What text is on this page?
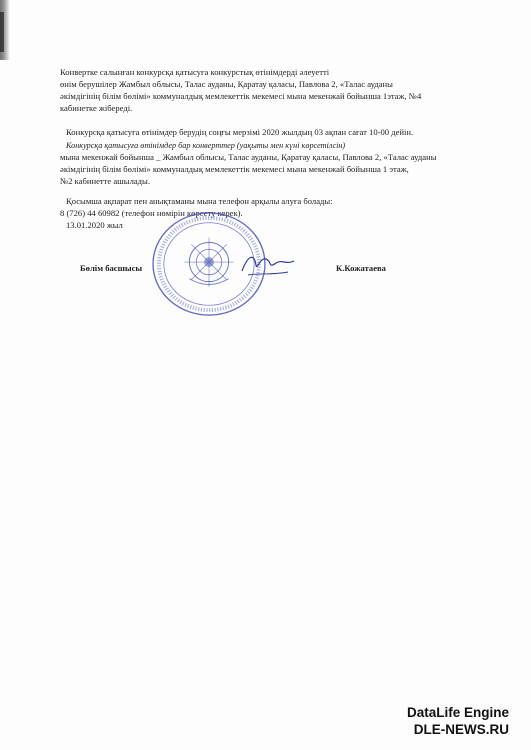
Конвертке салынған конкурсқа қатысуға конкурстық өтінімдерді әлеуетті
өнім берушілер Жамбыл облысы, Талас ауданы, Қаратау қаласы, Павлова 2, «Талас ауданы
әкімдігінің білім бөлімі» коммуналдық мемлекеттік мекемесі мына мекенжай бойынша 1этаж, №4
кабинетке жібереді.
Конкурсқа қатысуға өтінімдер берудің соңғы мерзімі 2020 жылдың 03 ақпан сағат 10-00 дейін.
Конкурсқа қатысуға өтінімдер бар конверттер (уақыты мен күні көрсетілсін)
мына мекенжай бойынша _ Жамбыл облысы, Талас ауданы, Қаратау қаласы, Павлова 2, «Талас ауданы
әкімдігінің білім бөлімі» коммуналдық мемлекеттік мекемесі мына мекенжай бойынша 1 этаж,
№2 кабинетте ашылады.
Қосымша ақпарат пен анықтаманы мына телефон арқылы алуға болады:
8 (726) 44 60982 (телефон нөмірін көрсету керек).
13.01.2020 жыл
Бөлім басшысы	К.Кожатаева
DataLife Engine
DLE-NEWS.RU
